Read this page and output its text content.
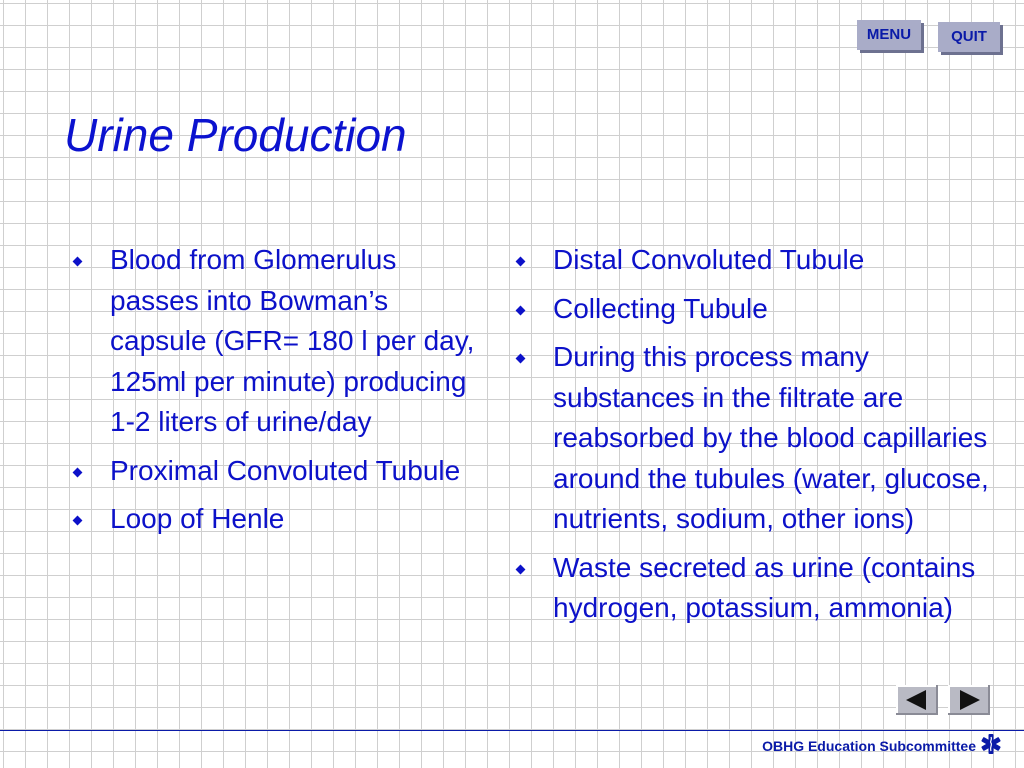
MENU	QUIT
Urine Production
Blood from Glomerulus passes into Bowman’s capsule (GFR= 180 l per day, 125ml per minute) producing 1-2 liters of urine/day
Proximal Convoluted Tubule
Loop of Henle
Distal Convoluted Tubule
Collecting Tubule
During this process many substances in the filtrate are reabsorbed by the blood capillaries around the tubules (water, glucose, nutrients, sodium, other ions)
Waste secreted as urine (contains hydrogen, potassium, ammonia)
OBHG Education Subcommittee
